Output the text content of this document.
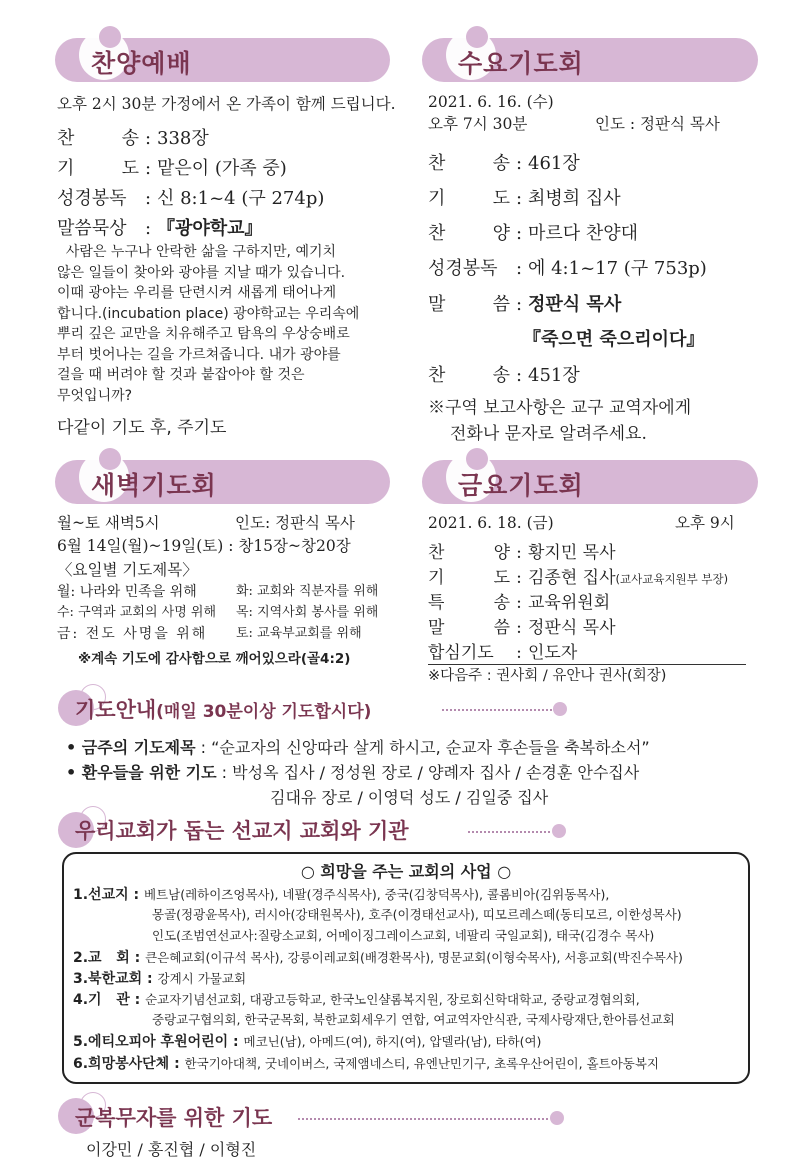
찬양예배
오후 2시 30분 가정에서 온 가족이 함께 드립니다.
찬 송 : 338장
기 도 : 맡은이 (가족 중)
성경봉독 : 신 8:1~4 (구 274p)
말씀묵상 : 『광야학교』
사람은 누구나 안락한 삶을 구하지만, 예기치
않은 일들이 찾아와 광야를 지날 때가 있습니다.
이때 광야는 우리를 단련시켜 새롭게 태어나게
합니다.(incubation place) 광야학교는 우리속에
뿌리 깊은 교만을 치유해주고 탐욕의 우상숭배로
부터 벗어나는 길을 가르쳐줍니다. 내가 광야를
걸을 때 버려야 할 것과 붙잡아야 할 것은
무엇입니까?
다같이 기도 후, 주기도
수요기도회
2021. 6. 16. (수)
오후 7시 30분	인도 : 정판식 목사
찬 송 : 461장
기 도 : 최병희 집사
찬 양 : 마르다 찬양대
성경봉독 : 에 4:1~17 (구 753p)
말 씀 : 정판식 목사
『죽으면 죽으리이다』
찬 송 : 451장
※구역 보고사항은 교구 교역자에게
전화나 문자로 알려주세요.
새벽기도회
월~토 새벽5시	인도: 정판식 목사
6월 14일(월)~19일(토) : 창15장~창20장
〈요일별 기도제목〉
월: 나라와 민족을 위해	화: 교회와 직분자를 위해
수: 구역과 교회의 사명 위해 목: 지역사회 봉사를 위해
금: 전도 사명을 위해 토: 교육부교회를 위해
※계속 기도에 감사함으로 깨어있으라(골4:2)
금요기도회
2021. 6. 18. (금)	오후 9시
찬 양 : 황지민 목사
기 도 : 김종현 집사(교사교육지원부 부장)
특 송 : 교육위원회
말 씀 : 정판식 목사
합심기도 : 인도자
※다음주 : 권사회 / 유안나 권사(회장)
기도안내(매일 30분이상 기도합시다)
• 금주의 기도제목 : “순교자의 신앙따라 살게 하시고, 순교자 후손들을 축복하소서”
• 환우들을 위한 기도 : 박성옥 집사 / 정성원 장로 / 양례자 집사 / 손경훈 안수집사
김대유 장로 / 이영덕 성도 / 김일중 집사
우리교회가 돕는 선교지 교회와 기관
○ 희망을 주는 교회의 사업 ○
1.선교지 : 베트남(레하이즈엉목사), 네팔(경주식목사), 중국(김창덕목사), 콜롬비아(김위동목사),
몽골(정광윤목사), 러시아(강태원목사), 호주(이경태선교사), 띠모르레스떼(동티모르, 이한성목사)
인도(조범연선교사:질랑소교회, 어메이징그레이스교회, 네팔리 국일교회), 태국(김경수 목사)
2.교   회 : 큰은혜교회(이규석 목사), 강릉이레교회(배경환목사), 명문교회(이형숙목사), 서흥교회(박진수목사)
3.북한교회 : 강계시 가물교회
4.기   관 : 순교자기념선교회, 대광고등학교, 한국노인샬롬복지원, 장로회신학대학교, 중랑교경협의회,
중랑교구협의회, 한국군목회, 북한교회세우기 연합, 여교역자안식관, 국제사랑재단,한아름선교회
5.에티오피아 후원어린이 : 메코닌(남), 아메드(여), 하지(여), 압델라(남), 타하(여)
6.희망봉사단체 : 한국기아대책, 굿네이버스, 국제앰네스티, 유엔난민기구, 초록우산어린이, 홀트아동복지
군복무자를 위한 기도
이강민 / 홍진협 / 이형진
